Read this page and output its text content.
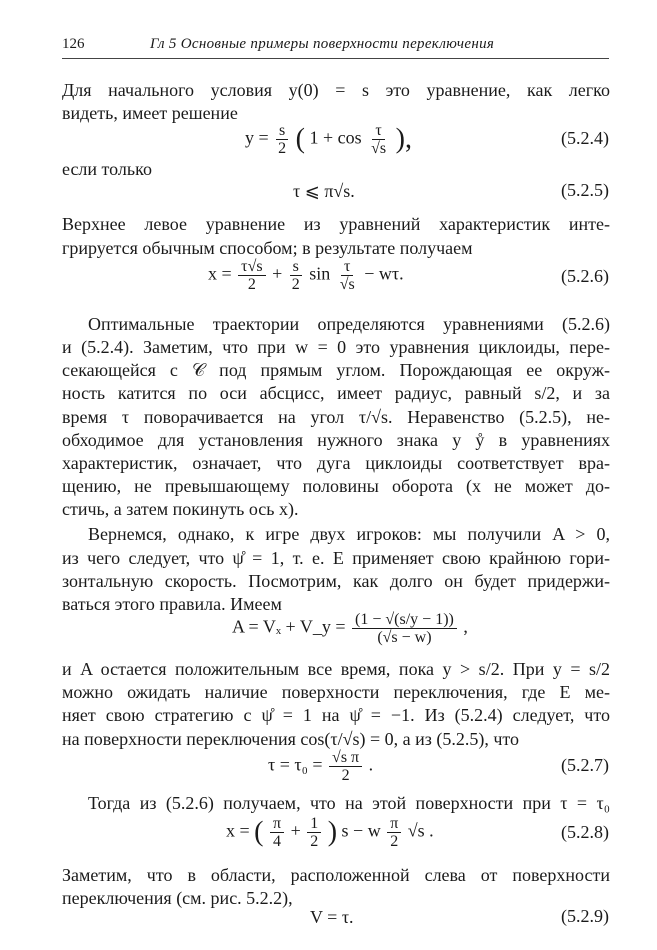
126	Гл 5 Основные примеры поверхности переключения

Для начального условия y(0) = s это уравнение, как легко

видеть, имеет решение

$y = \frac{s}{2}$ ( $1 + \cos \frac{\tau}{√s}$ ),	(5.2.4)

если только

τ ⩽ π√s.	(5.2.5)

Верхнее левое уравнение из уравнений характеристик инте-

грируется обычным способом; в результате получаем

$x = \frac{\tau√s}{2} + \frac{s}{2}$ $\sin \frac{\tau}{√s} - w\tau$.	(5.2.6)

Оптимальные траектории определяются уравнениями (5.2.6)

и (5.2.4). Заметим, что при w = 0 это уравнения циклоиды, пере-

секающейся с 𝒞 под прямым углом. Порождающая ее окруж-

ность катится по оси абсцисс, имеет радиус, равный s/2, и за

время τ поворачивается на угол τ/√s. Неравенство (5.2.5), не-

обходимое для установления нужного знака у ẙ в уравнениях

характеристик, означает, что дуга циклоиды соответствует вра-

щению, не превышающему половины оборота (x не может до-

стичь, а затем покинуть ось x).

Вернемся, однако, к игре двух игроков: мы получили A > 0,

из чего следует, что ψ̊ = 1, т. е. E применяет свою крайнюю гори-

зонтальную скорость. Посмотрим, как долго он будет придержи-

ваться этого правила. Имеем

A = Vₓ + V_y = $\frac{(1 - √(s/y - 1))}{(√s - w)}$ ,

и A остается положительным все время, пока y > s/2. При y = s/2

можно ожидать наличие поверхности переключения, где E ме-

няет свою стратегию с ψ̊ = 1 на ψ̊ = −1. Из (5.2.4) следует, что

на поверхности переключения cos(τ/√s) = 0, а из (5.2.5), что

$\tau = \tau_0 = \frac{\text{√s π}}{2}$ .	(5.2.7)

Тогда из (5.2.6) получаем, что на этой поверхности при τ = τ₀

x = ( $\frac{\pi}{4} + \frac{1}{2}$ ) s − w $\frac{\pi}{2} √s$ .	(5.2.8)

Заметим, что в области, расположенной слева от поверхности

переключения (см. рис. 5.2.2),

V = τ.	(5.2.9)
